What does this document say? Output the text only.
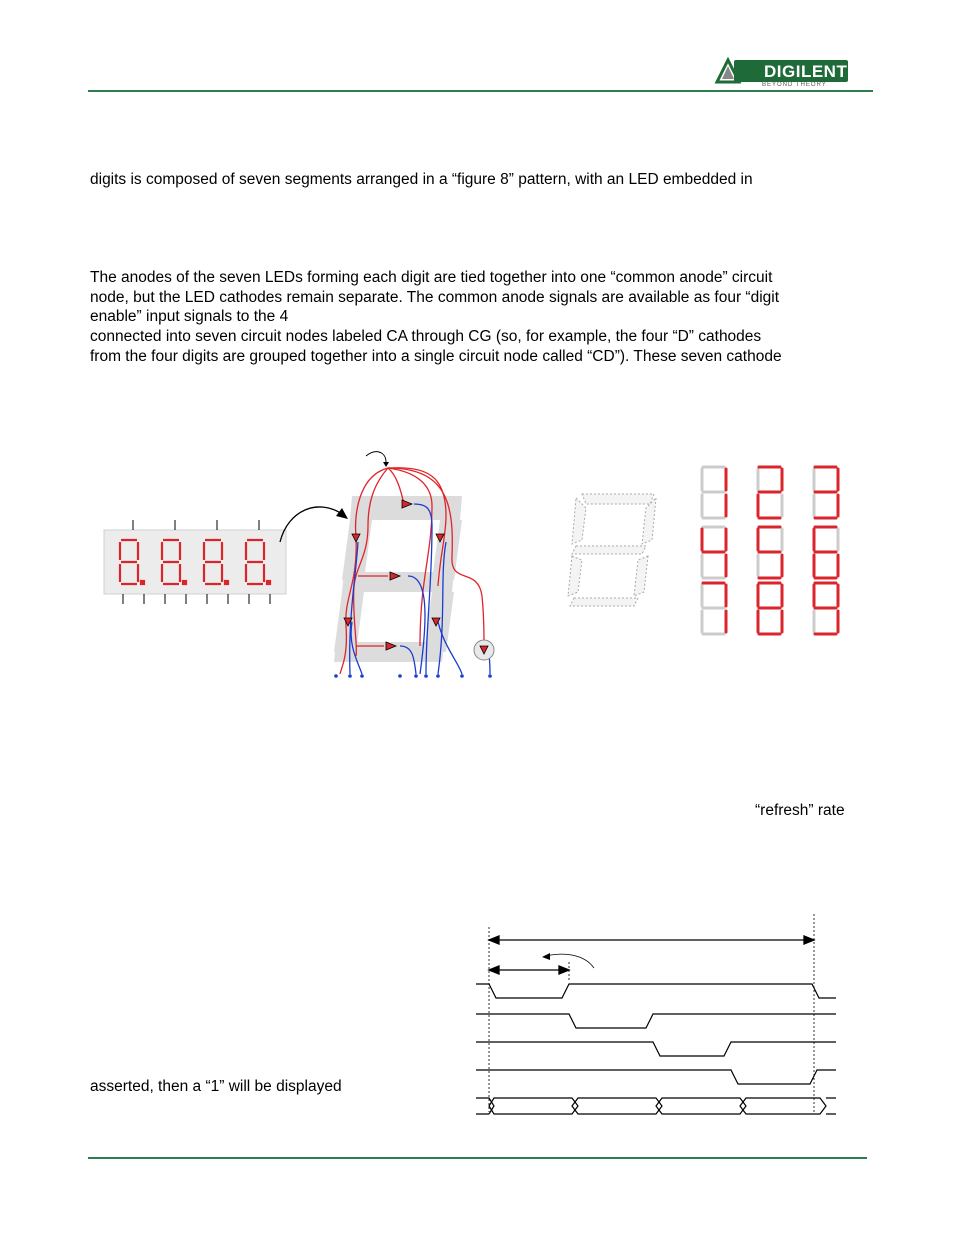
DIGILENT
BEYOND THEORY
digits is composed of seven segments arranged in a “figure 8” pattern, with an LED embedded in
The anodes of the seven LEDs forming each digit are tied together into one “common anode” circuit
node, but the LED cathodes remain separate. The common anode signals are available as four “digit
enable” input signals to the 4
connected into seven circuit nodes labeled CA through CG (so, for example, the four “D” cathodes
from the four digits are grouped together into a single circuit node called “CD”). These seven cathode
“refresh” rate
asserted, then a “1” will be displayed
